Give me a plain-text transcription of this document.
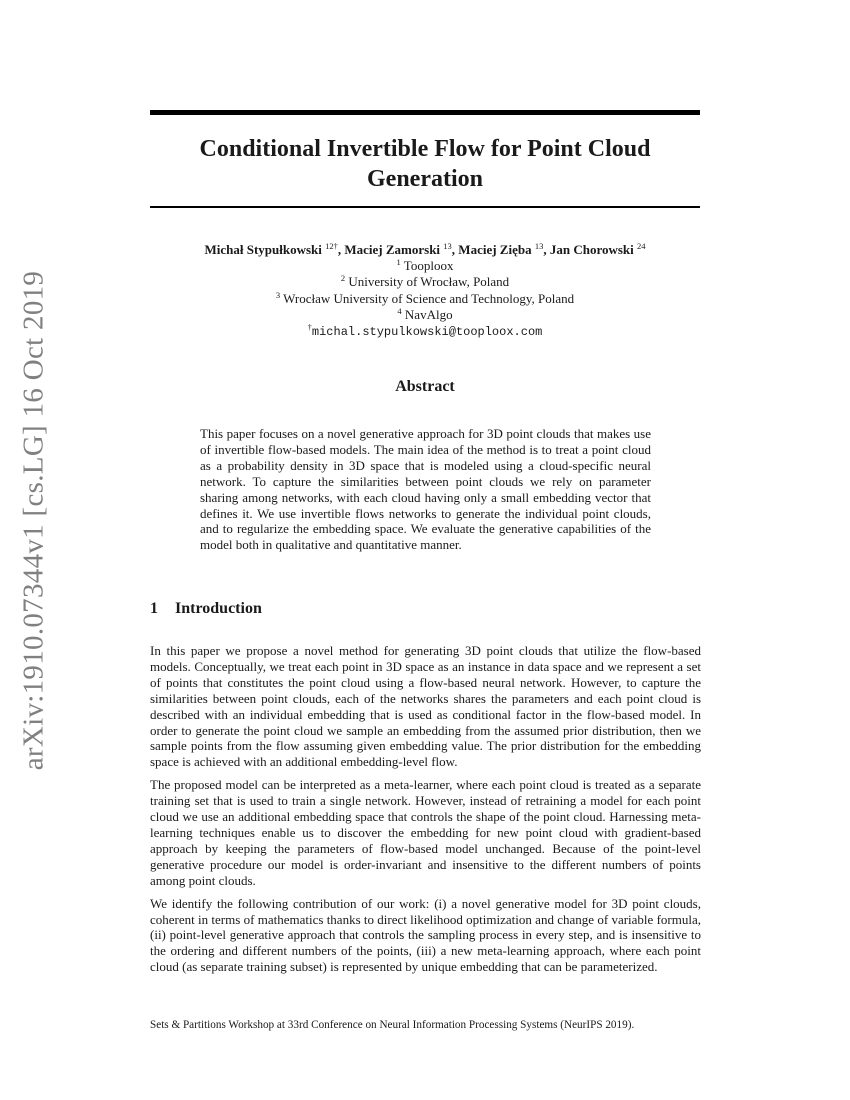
arXiv:1910.07344v1 [cs.LG] 16 Oct 2019
Conditional Invertible Flow for Point Cloud
Generation
Michał Stypułkowski $^{12\dagger}$, Maciej Zamorski $^{13}$, Maciej Zięba $^{13}$, Jan Chorowski $^{24}$
$^1$ Tooploox
$^2$ University of Wrocław, Poland
$^3$ Wrocław University of Science and Technology, Poland
$^4$ NavAlgo
†michal.stypulkowski@tooploox.com
Abstract

This paper focuses on a novel generative approach for 3D point clouds that makes use of invertible flow-based models. The main idea of the method is to treat a point cloud as a probability density in 3D space that is modeled using a cloud-specific neural network. To capture the similarities between point clouds we rely on parameter sharing among networks, with each cloud having only a small embedding vector that defines it. We use invertible flows networks to generate the individual point clouds, and to regularize the embedding space. We evaluate the generative capabilities of the model both in qualitative and quantitative manner.

1 Introduction

In this paper we propose a novel method for generating 3D point clouds that utilize the flow-based models. Conceptually, we treat each point in 3D space as an instance in data space and we represent a set of points that constitutes the point cloud using a flow-based neural network. However, to capture the similarities between point clouds, each of the networks shares the parameters and each point cloud is described with an individual embedding that is used as conditional factor in the flow-based model. In order to generate the point cloud we sample an embedding from the assumed prior distribution, then we sample points from the flow assuming given embedding value. The prior distribution for the embedding space is achieved with an additional embedding-level flow.

The proposed model can be interpreted as a meta-learner, where each point cloud is treated as a separate training set that is used to train a single network. However, instead of retraining a model for each point cloud we use an additional embedding space that controls the shape of the point cloud. Harnessing meta-learning techniques enable us to discover the embedding for new point cloud with gradient-based approach by keeping the parameters of flow-based model unchanged. Because of the point-level generative procedure our model is order-invariant and insensitive to the different numbers of points among point clouds.

We identify the following contribution of our work: (i) a novel generative model for 3D point clouds, coherent in terms of mathematics thanks to direct likelihood optimization and change of variable formula, (ii) point-level generative approach that controls the sampling process in every step, and is insensitive to the ordering and different numbers of the points, (iii) a new meta-learning approach, where each point cloud (as separate training subset) is represented by unique embedding that can be parameterized.

Sets & Partitions Workshop at 33rd Conference on Neural Information Processing Systems (NeurIPS 2019).
